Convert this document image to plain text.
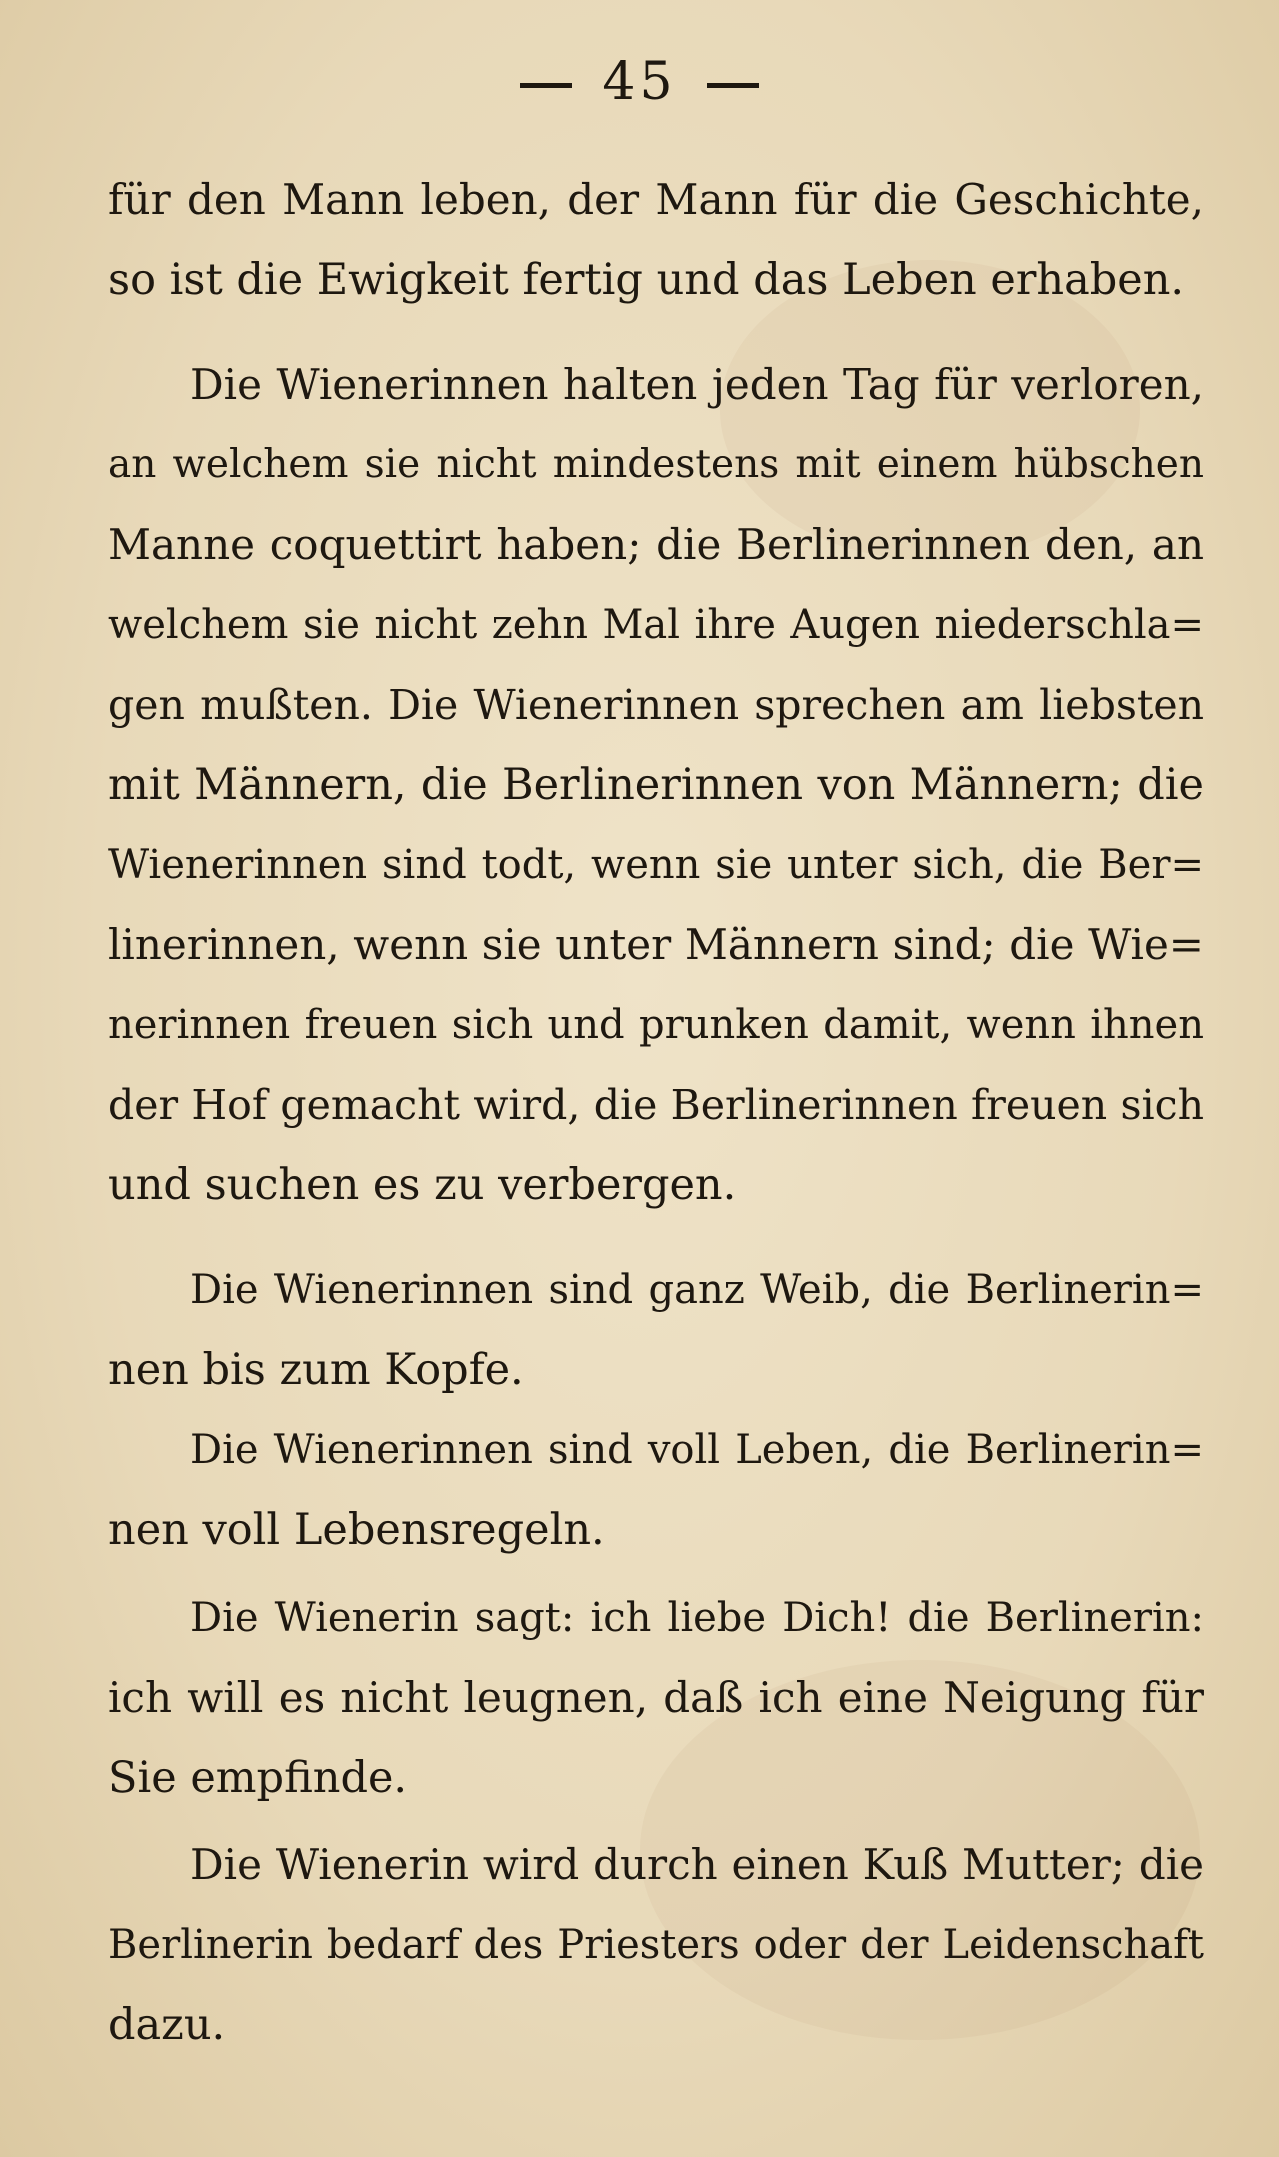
45
für den Mann leben, der Mann für die Geschichte,
so ist die Ewigkeit fertig und das Leben erhaben.
Die Wienerinnen halten jeden Tag für verloren,
an welchem sie nicht mindestens mit einem hübschen
Manne coquettirt haben; die Berlinerinnen den, an
welchem sie nicht zehn Mal ihre Augen niederschla=
gen mußten. Die Wienerinnen sprechen am liebsten
mit Männern, die Berlinerinnen von Männern; die
Wienerinnen sind todt, wenn sie unter sich, die Ber=
linerinnen, wenn sie unter Männern sind; die Wie=
nerinnen freuen sich und prunken damit, wenn ihnen
der Hof gemacht wird, die Berlinerinnen freuen sich
und suchen es zu verbergen.
Die Wienerinnen sind ganz Weib, die Berlinerin=
nen bis zum Kopfe.
Die Wienerinnen sind voll Leben, die Berlinerin=
nen voll Lebensregeln.
Die Wienerin sagt: ich liebe Dich! die Berlinerin:
ich will es nicht leugnen, daß ich eine Neigung für
Sie empfinde.
Die Wienerin wird durch einen Kuß Mutter; die
Berlinerin bedarf des Priesters oder der Leidenschaft
dazu.
